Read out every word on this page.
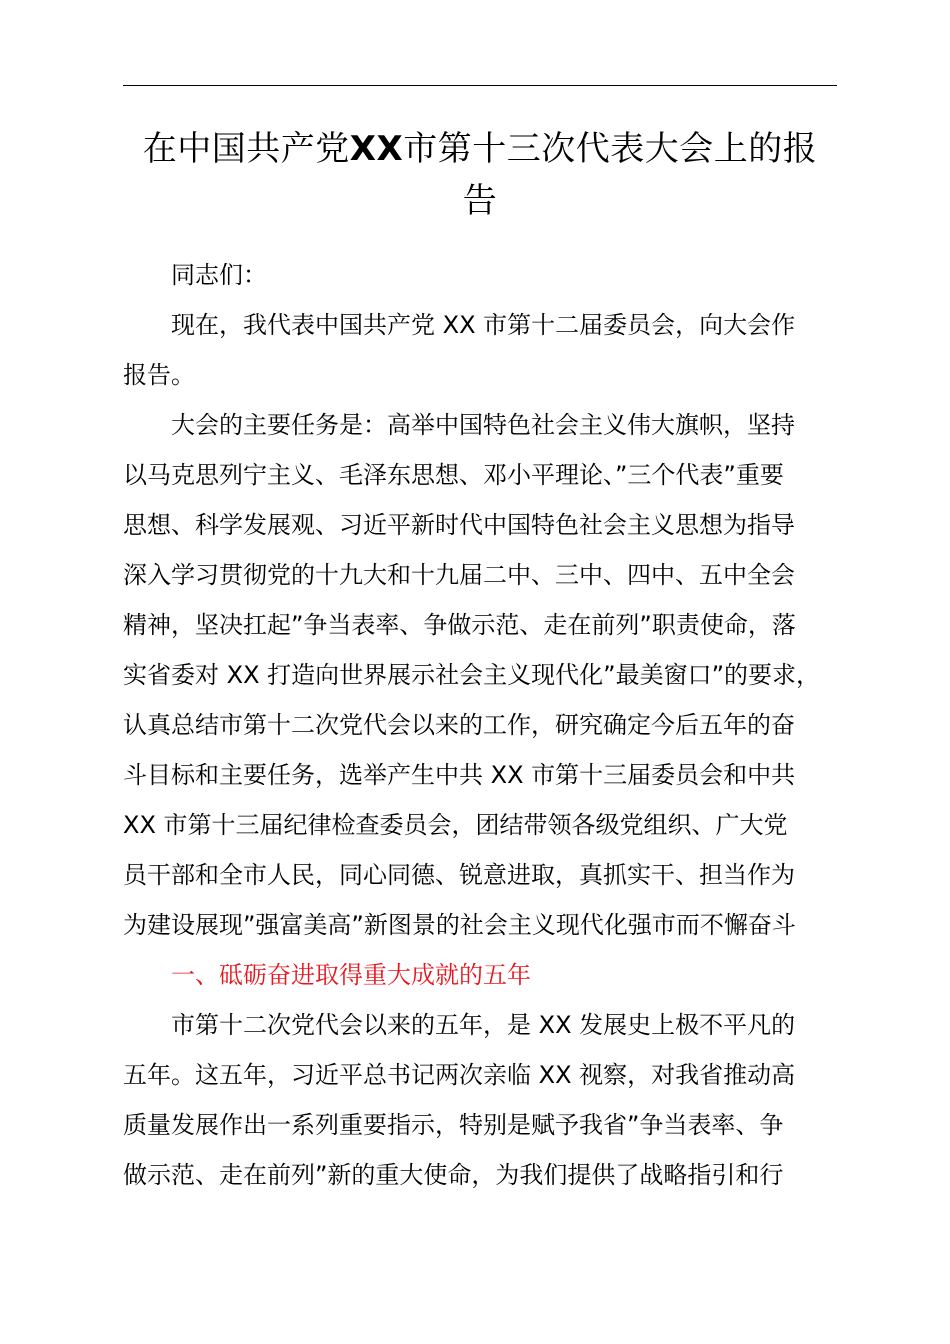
在中国共产党XX市第十三次代表大会上的报
告

同志们：

现在，我代表中国共产党 XX 市第十二届委员会，向大会作
报告。

大会的主要任务是：高举中国特色社会主义伟大旗帜，坚持
以马克思列宁主义、毛泽东思想、邓小平理论、”三个代表”重要
思想、科学发展观、习近平新时代中国特色社会主义思想为指导
深入学习贯彻党的十九大和十九届二中、三中、四中、五中全会
精神，坚决扛起”争当表率、争做示范、走在前列”职责使命，落
实省委对 XX 打造向世界展示社会主义现代化”最美窗口”的要求，
认真总结市第十二次党代会以来的工作，研究确定今后五年的奋
斗目标和主要任务，选举产生中共 XX 市第十三届委员会和中共
XX 市第十三届纪律检查委员会，团结带领各级党组织、广大党
员干部和全市人民，同心同德、锐意进取，真抓实干、担当作为
为建设展现”强富美高”新图景的社会主义现代化强市而不懈奋斗

一、砥砺奋进取得重大成就的五年

市第十二次党代会以来的五年，是 XX 发展史上极不平凡的
五年。这五年，习近平总书记两次亲临 XX 视察，对我省推动高
质量发展作出一系列重要指示，特别是赋予我省”争当表率、争
做示范、走在前列”新的重大使命，为我们提供了战略指引和行
